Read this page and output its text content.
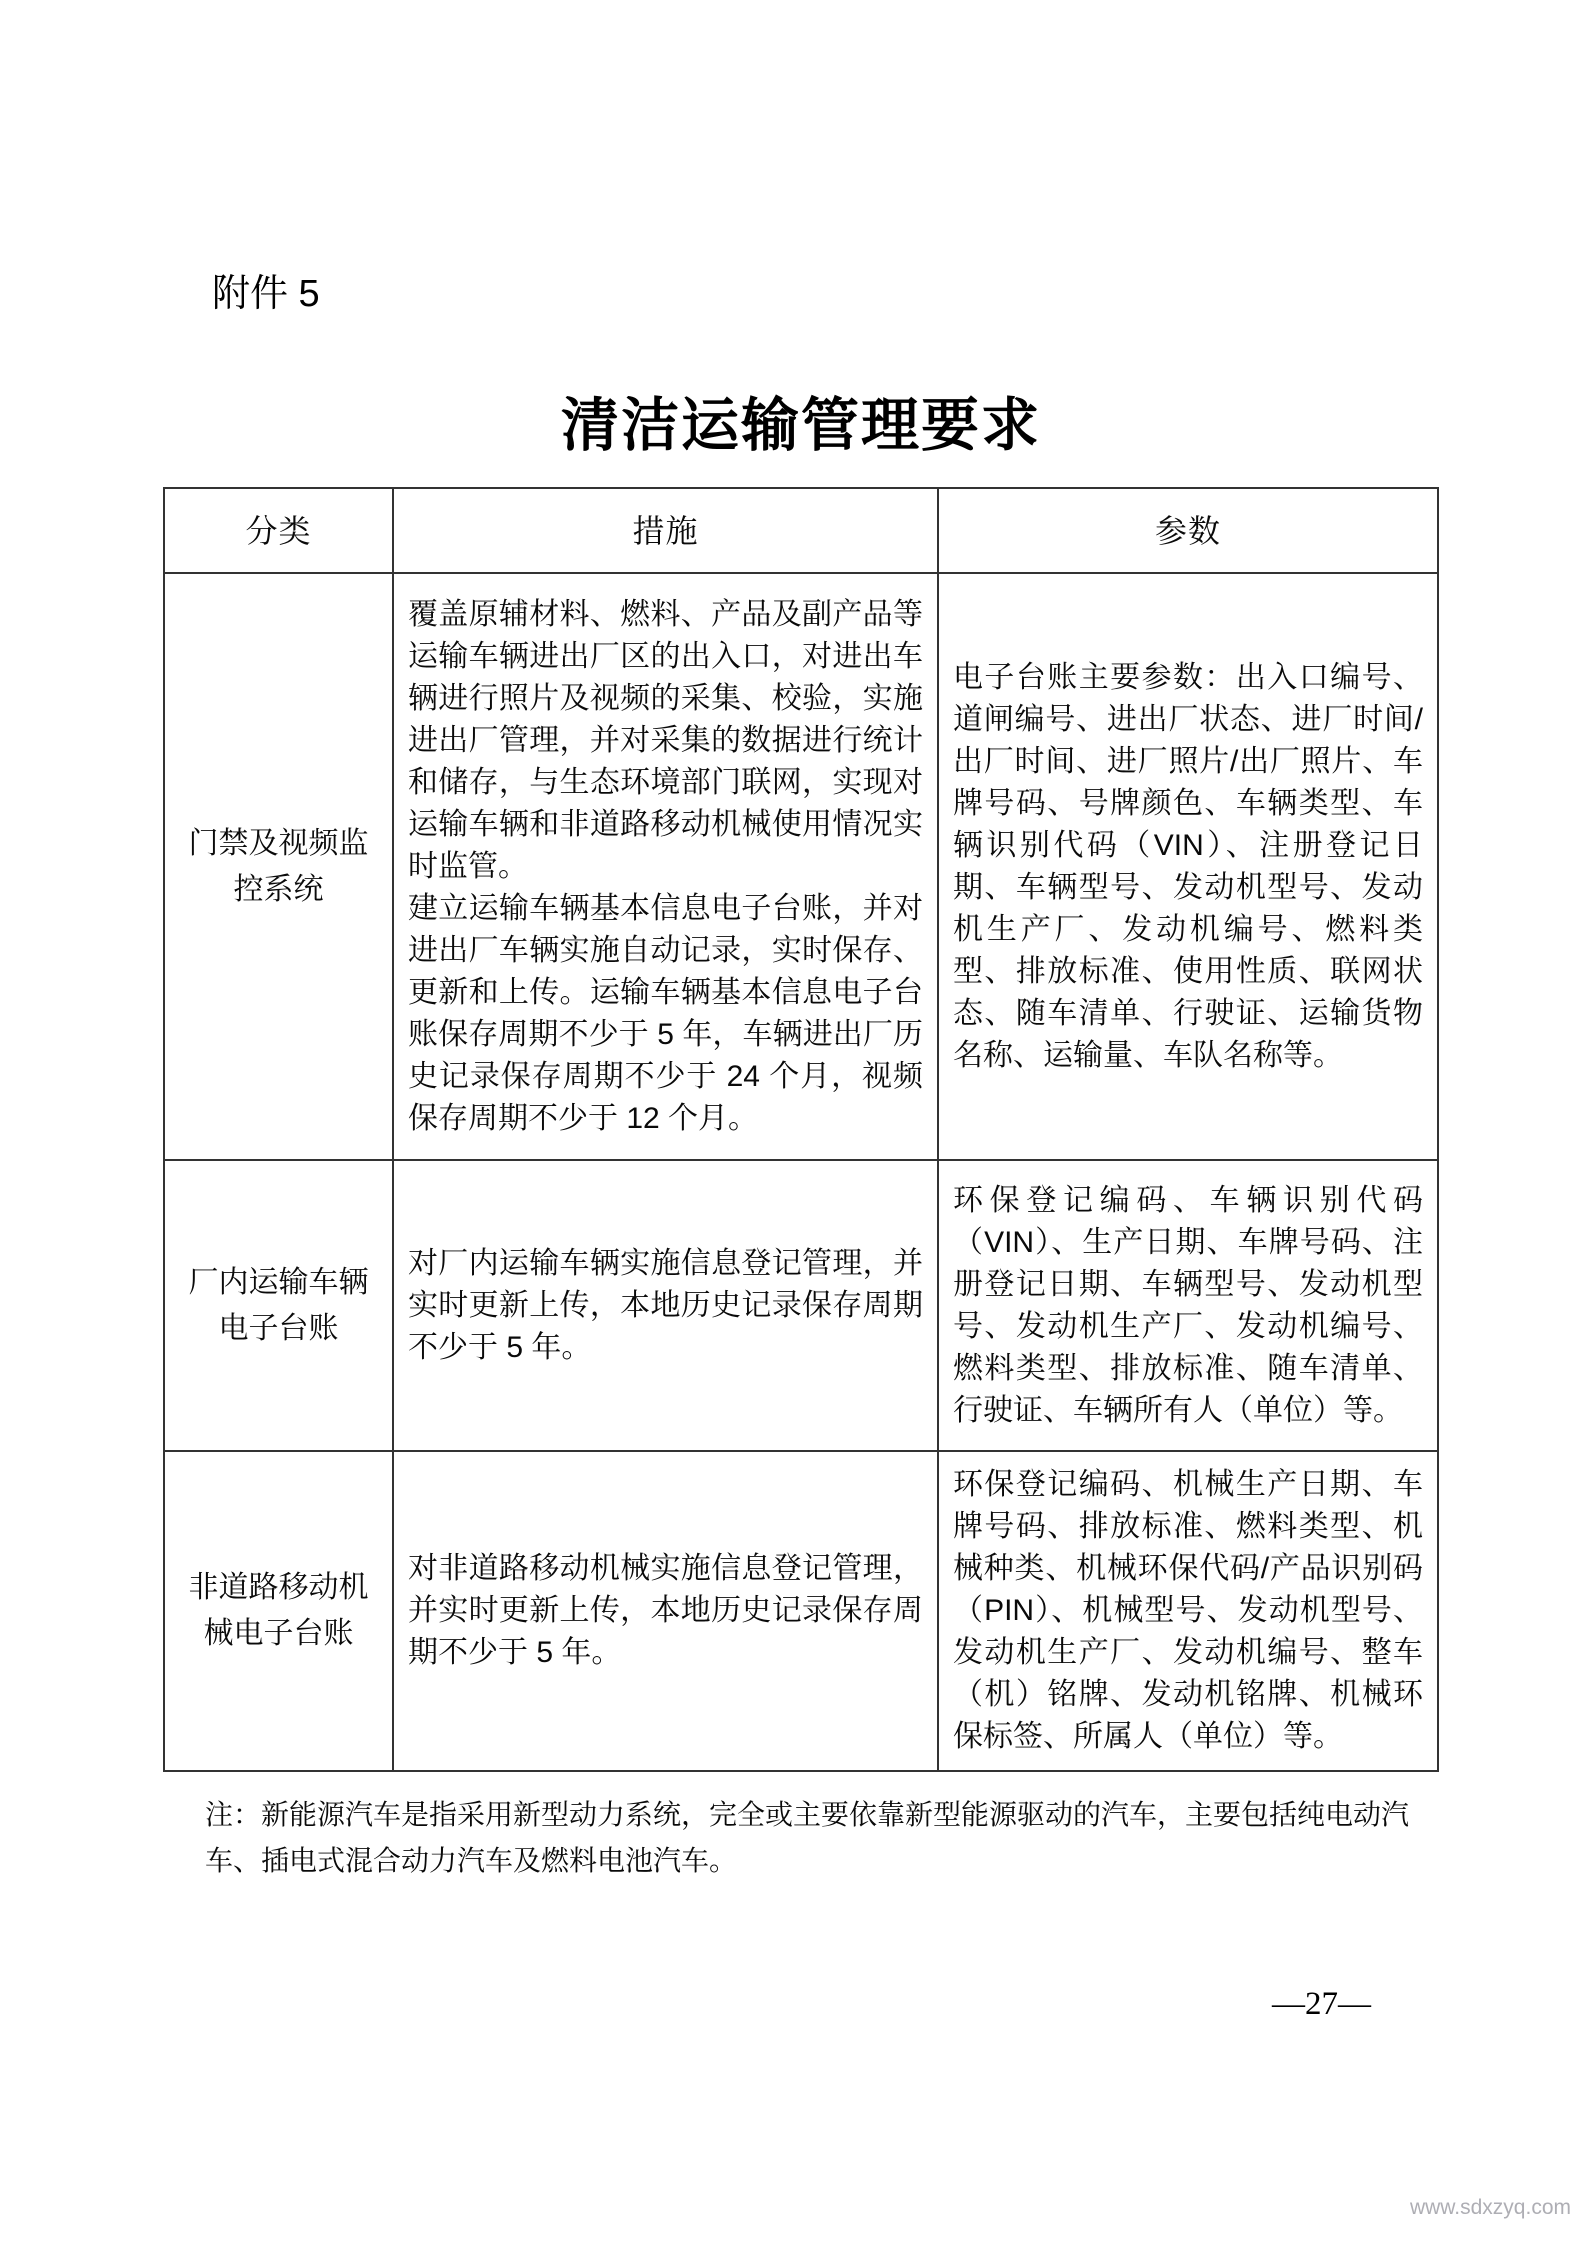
附件 5
清洁运输管理要求
分类	措施	参数
门禁及视频监控系统

覆盖原辅材料、燃料、产品及副产品等运输车辆进出厂区的出入口，对进出车辆进行照片及视频的采集、校验，实施进出厂管理，并对采集的数据进行统计和储存，与生态环境部门联网，实现对运输车辆和非道路移动机械使用情况实时监管。

建立运输车辆基本信息电子台账，并对进出厂车辆实施自动记录，实时保存、更新和上传。运输车辆基本信息电子台账保存周期不少于 5 年，车辆进出厂历史记录保存周期不少于 24 个月，视频保存周期不少于 12 个月。

电子台账主要参数：出入口编号、道闸编号、进出厂状态、进厂时间/出厂时间、进厂照片/出厂照片、车牌号码、号牌颜色、车辆类型、车辆识别代码（VIN）、注册登记日期、车辆型号、发动机型号、发动机生产厂、发动机编号、燃料类型、排放标准、使用性质、联网状态、随车清单、行驶证、运输货物名称、运输量、车队名称等。

厂内运输车辆电子台账

对厂内运输车辆实施信息登记管理，并实时更新上传，本地历史记录保存周期不少于 5 年。

环保登记编码、车辆识别代码（VIN）、生产日期、车牌号码、注册登记日期、车辆型号、发动机型号、发动机生产厂、发动机编号、燃料类型、排放标准、随车清单、行驶证、车辆所有人（单位）等。

非道路移动机械电子台账

对非道路移动机械实施信息登记管理，并实时更新上传，本地历史记录保存周期不少于 5 年。

环保登记编码、机械生产日期、车牌号码、排放标准、燃料类型、机械种类、机械环保代码/产品识别码（PIN）、机械型号、发动机型号、发动机生产厂、发动机编号、整车（机）铭牌、发动机铭牌、机械环保标签、所属人（单位）等。

注：新能源汽车是指采用新型动力系统，完全或主要依靠新型能源驱动的汽车，主要包括纯电动汽车、插电式混合动力汽车及燃料电池汽车。
—27—
www.sdxzyq.com
